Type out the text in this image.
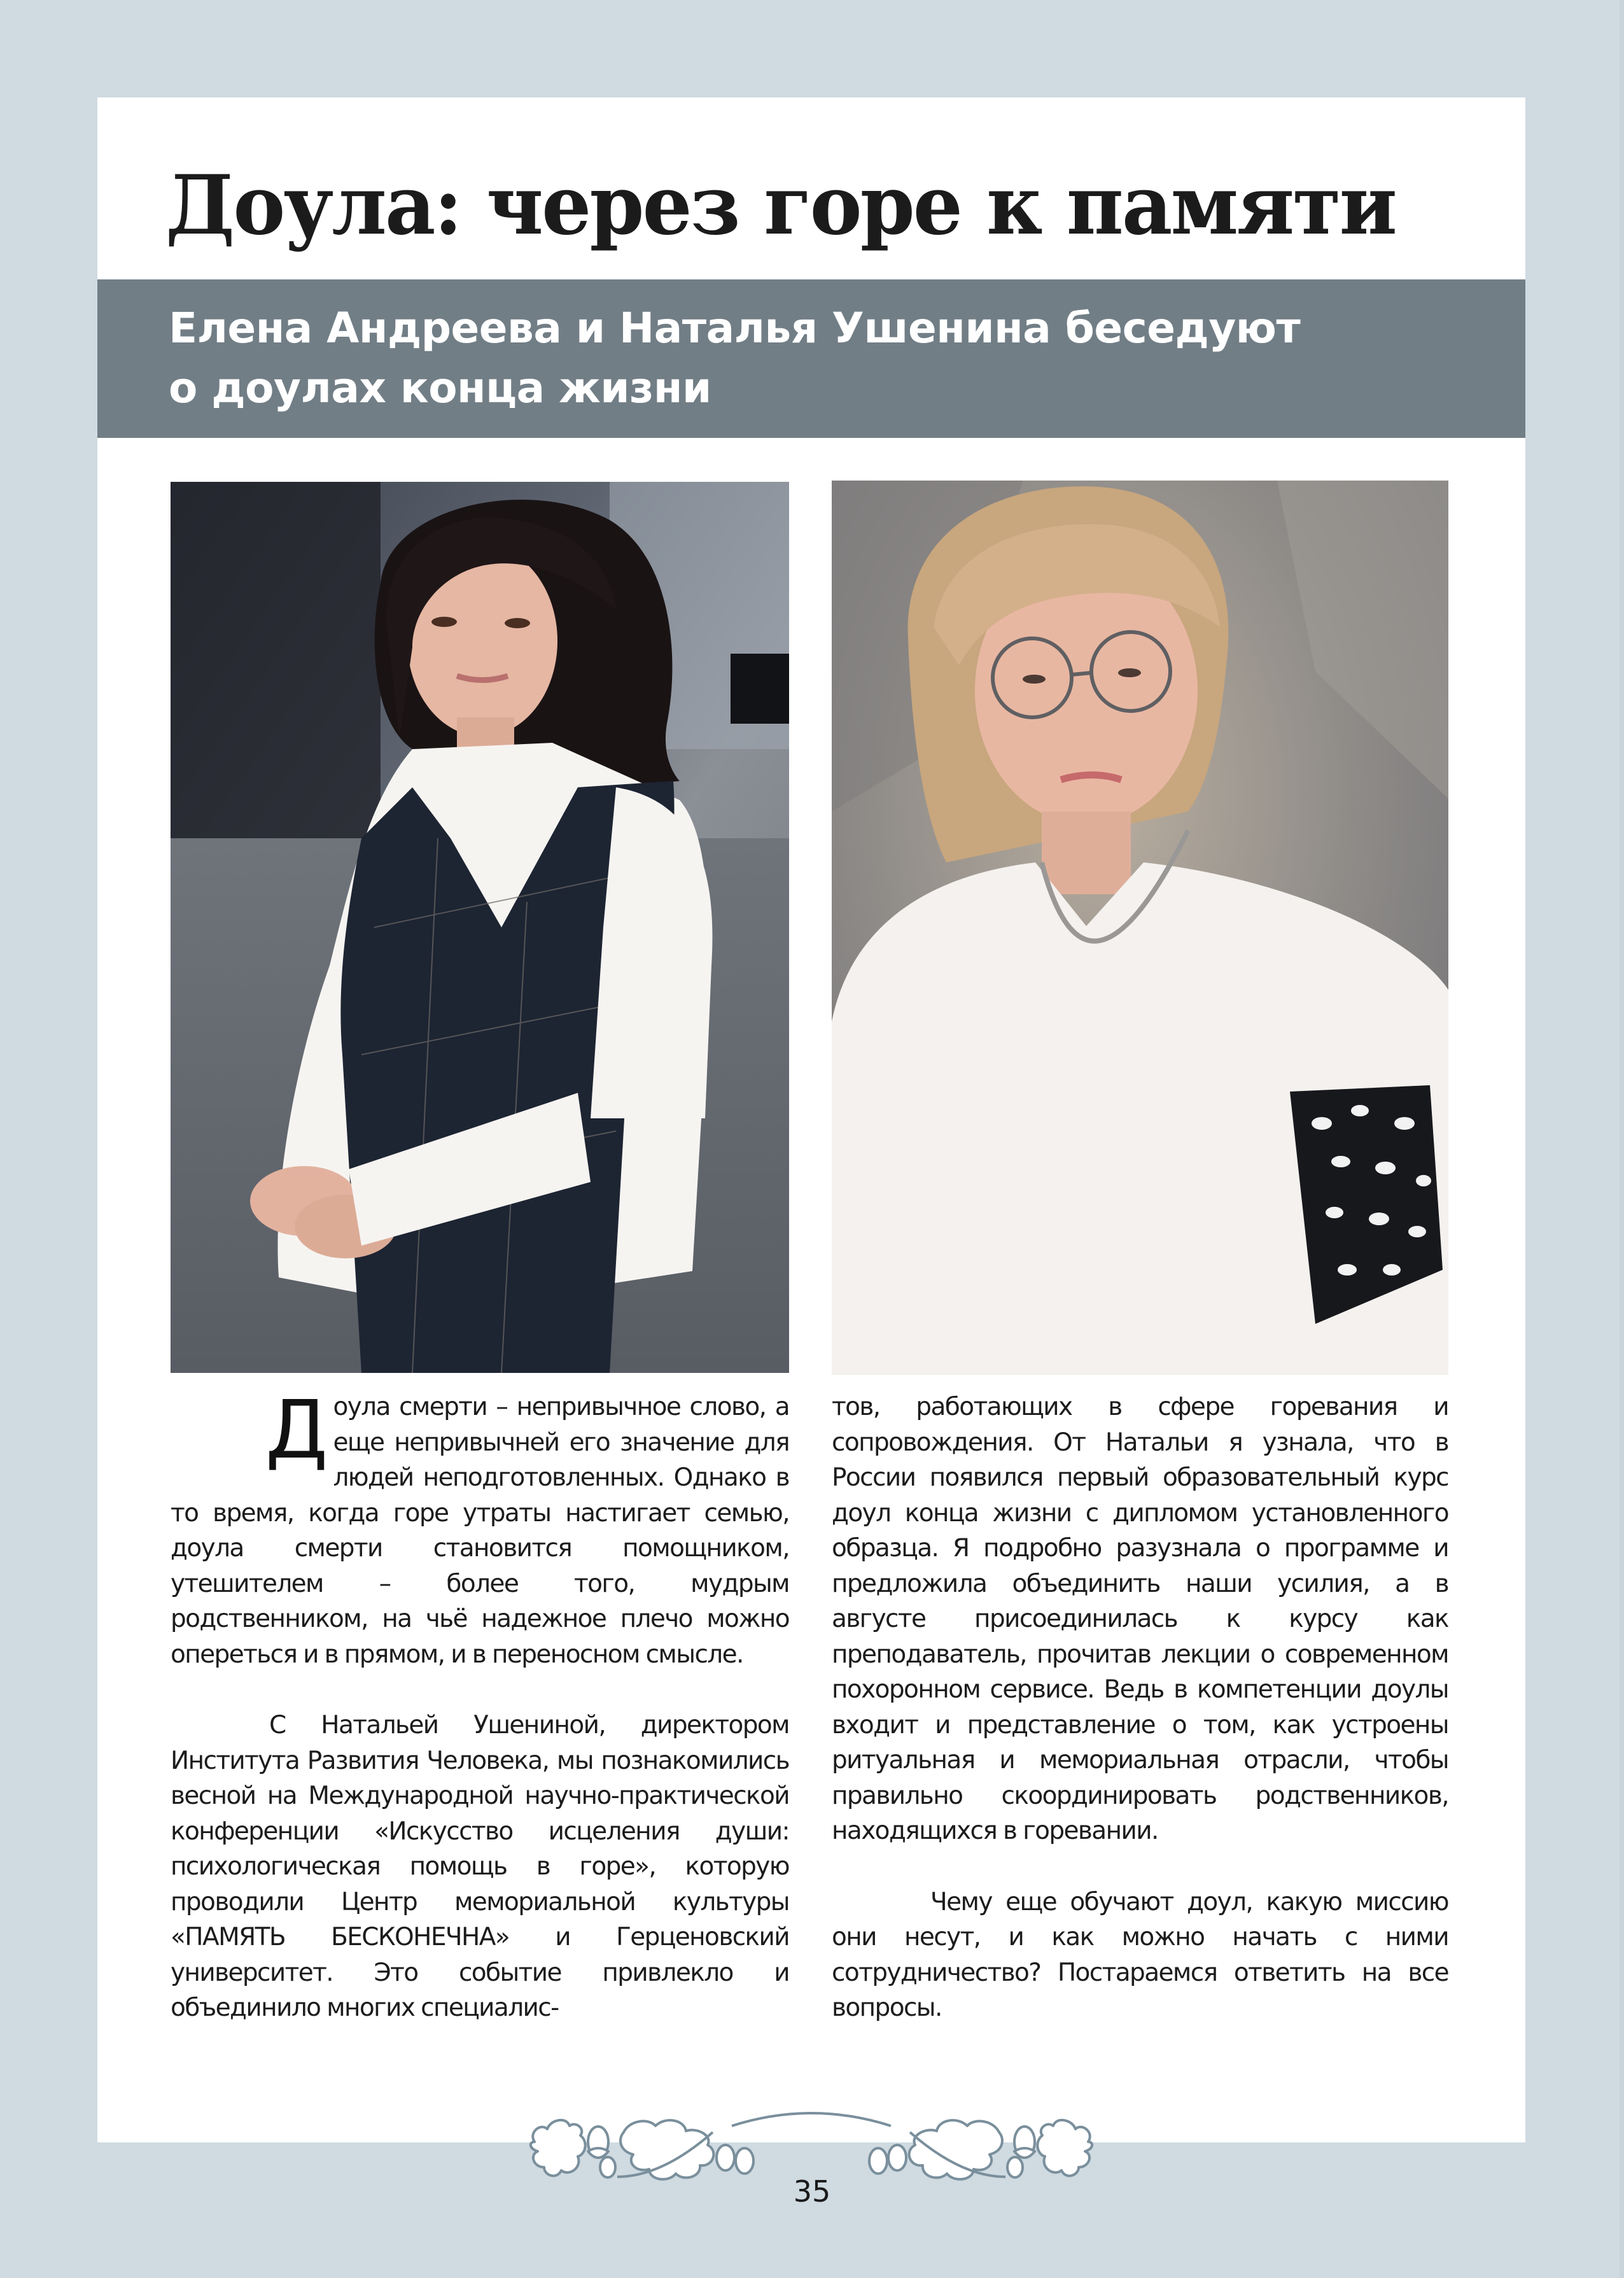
Доула: через горе к памяти
Елена Андреева и Наталья Ушенина беседуют
о доулах конца жизни

Доула смерти – непривычное слово, а еще непривычней его значение для людей неподготовленных. Однако в то время, когда горе утраты настигает семью, доула смерти становится помощником, утешителем – более того, мудрым родственником, на чьё надежное плечо можно опереться и в прямом, и в переносном смысле.

С Натальей Ушениной, директором Института Развития Человека, мы познакомились весной на Международной научно-практической конференции «Искусство исцеления души: психологическая помощь в горе», которую проводили Центр мемориальной культуры «ПАМЯТЬ БЕСКОНЕЧНА» и Герценовский университет. Это событие привлекло и объединило многих специалис-

тов, работающих в сфере горевания и сопровождения. От Натальи я узнала, что в России появился первый образовательный курс доул конца жизни с дипломом установленного образца. Я подробно разузнала о программе и предложила объединить наши усилия, а в августе присоединилась к курсу как преподаватель, прочитав лекции о современном похоронном сервисе. Ведь в компетенции доулы входит и представление о том, как устроены ритуальная и мемориальная отрасли, чтобы правильно скоординировать родственников, находящихся в горевании.

Чему еще обучают доул, какую миссию они несут, и как можно начать с ними сотрудничество? Постараемся ответить на все вопросы.

35
